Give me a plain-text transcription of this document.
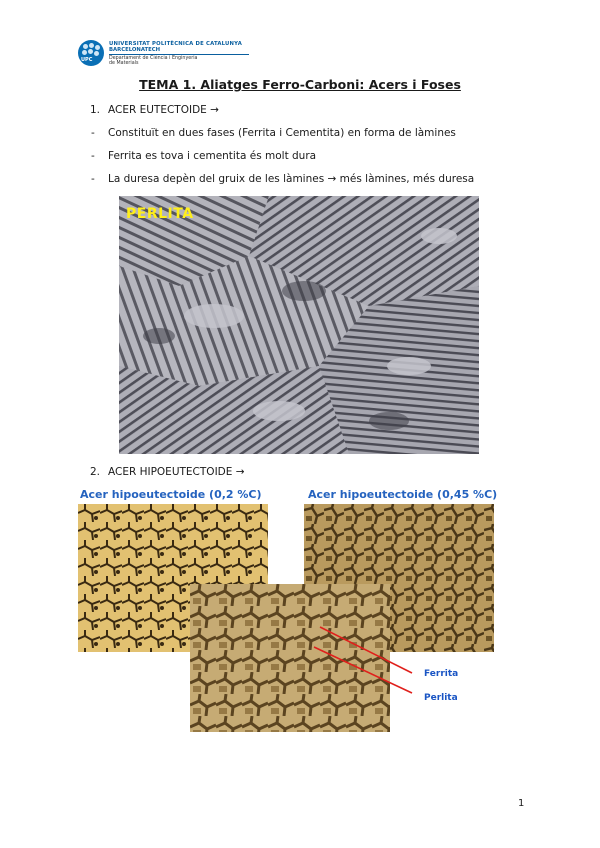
UPC
UNIVERSITAT POLITÈCNICA DE CATALUNYA
BARCELONATECH
Departament de Ciència i Enginyeria
de Materials
TEMA 1. Aliatges Ferro-Carboni: Acers i Foses
1. ACER EUTECTOIDE →
- Constituït en dues fases (Ferrita i Cementita) en forma de làmines
- Ferrita es tova i cementita és molt dura
- La duresa depèn del gruix de les làmines → més làmines, més duresa
PERLITA
2. ACER HIPOEUTECTOIDE →
Acer hipoeutectoide (0,2 %C)	Acer hipoeutectoide (0,45 %C)
Ferrita
Perlita
1
